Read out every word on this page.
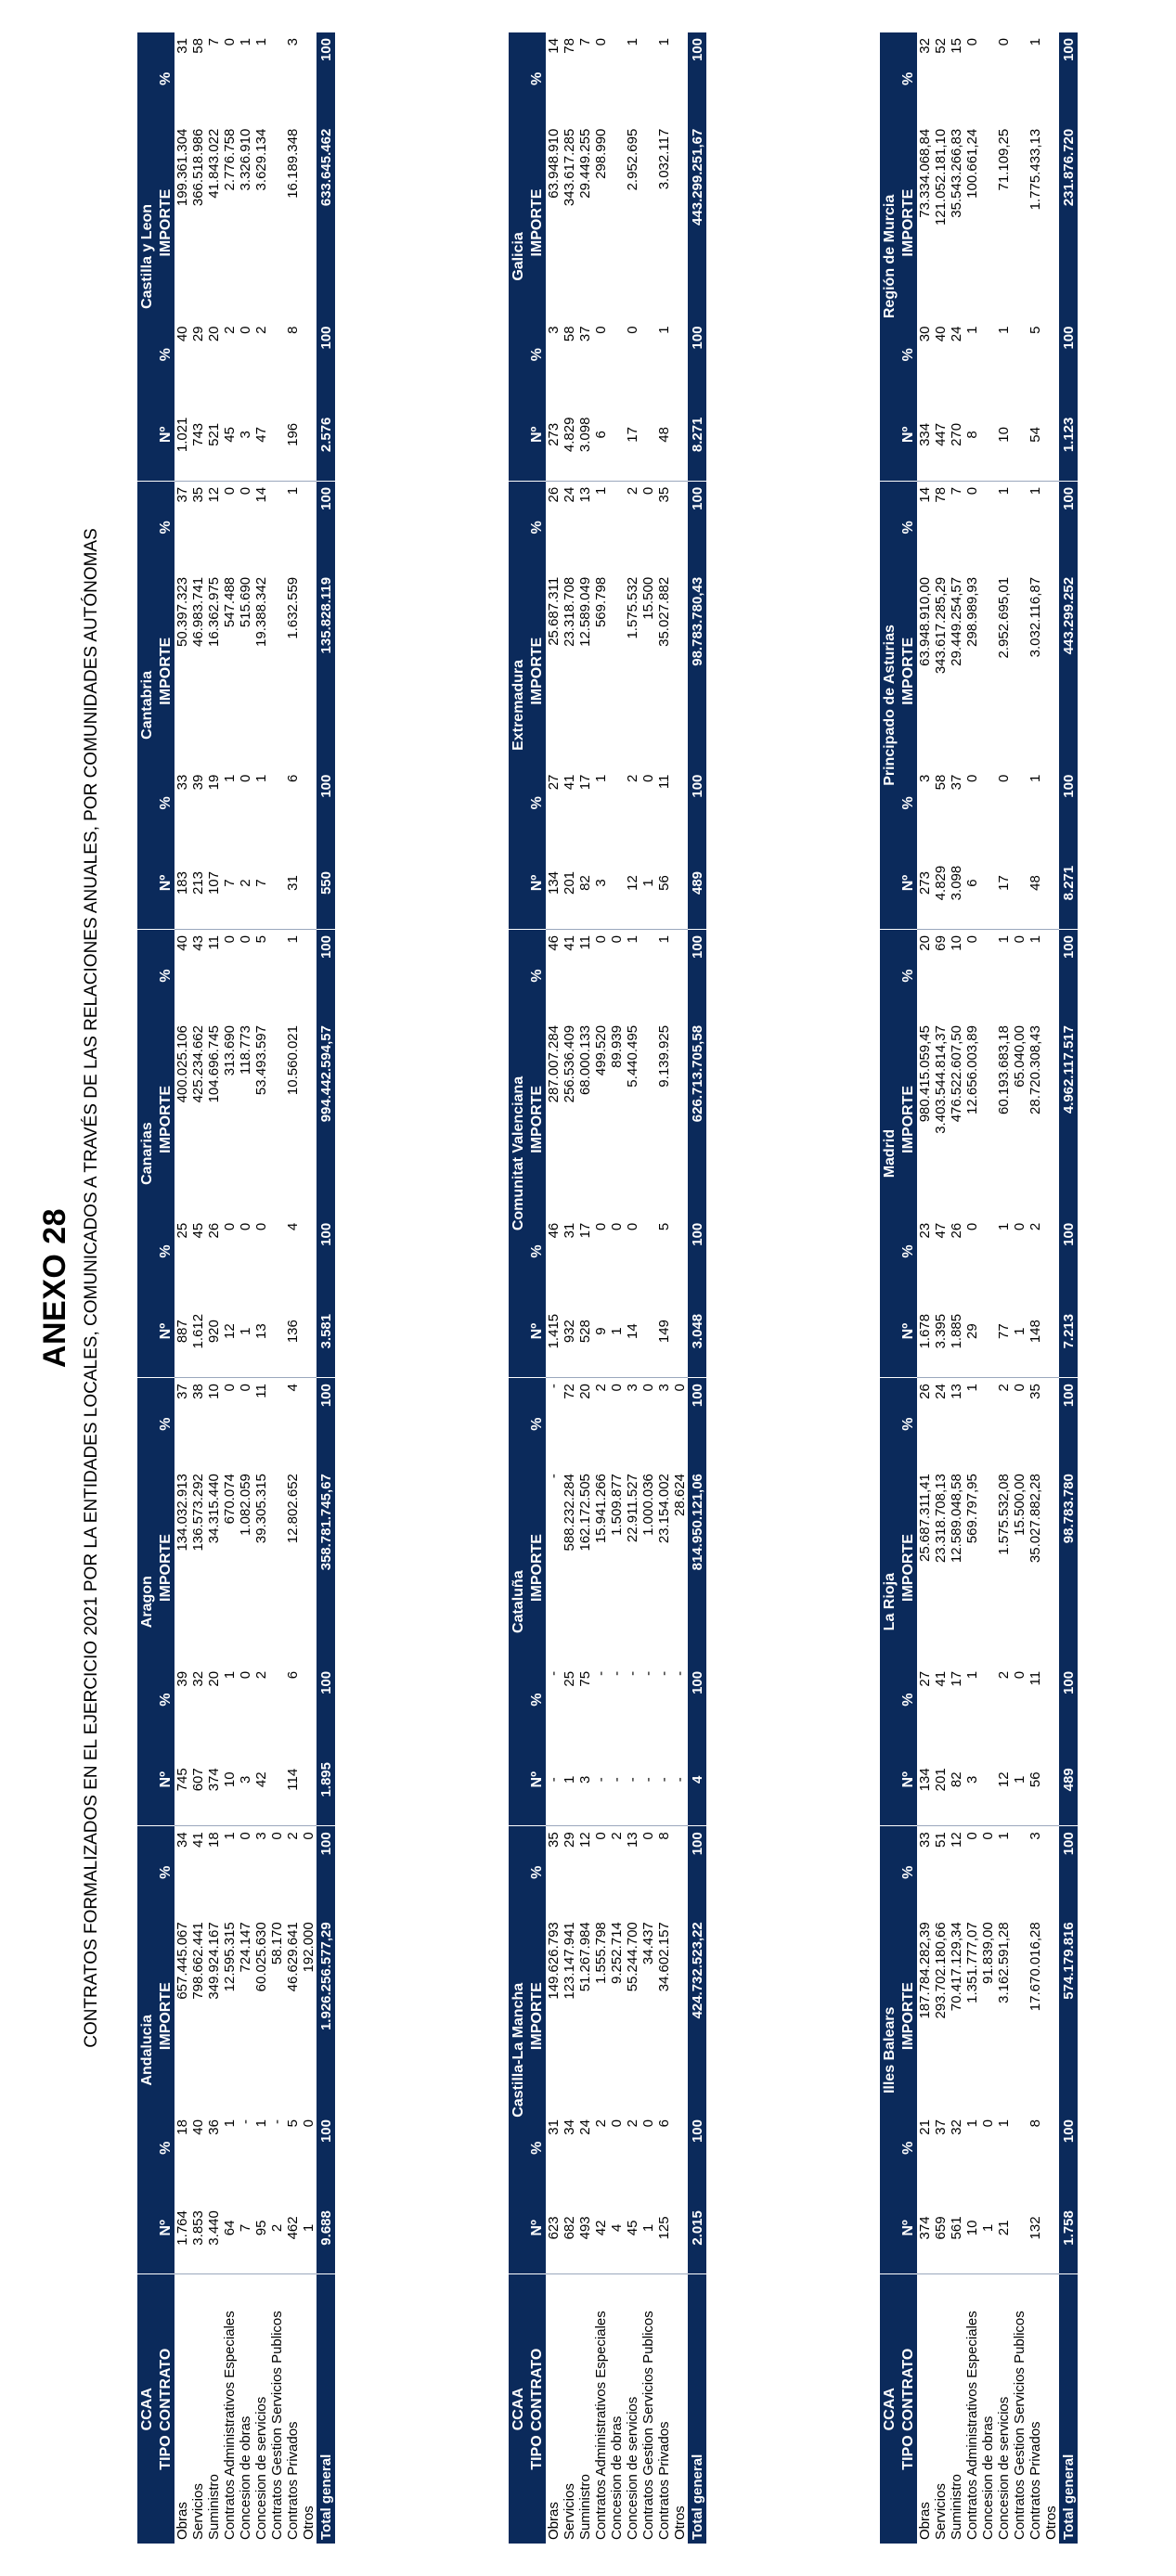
ANEXO 28 CONTRATOS FORMALIZADOS EN EL EJERCICIO 2021 POR LA ENTIDADES LOCALES, COMUNICADOS A TRAVÉS DE LAS RELACIONES ANUALES, POR COMUNIDADES AUTÓNOMAS
CCAA	Andalucia				Aragon				Canarias				Cantabria				Castilla y Leon			
TIPO CONTRATO	Nº	%	IMPORTE	%	Nº	%	IMPORTE	%	Nº	%	IMPORTE	%	Nº	%	IMPORTE	%	Nº	%	IMPORTE	%
Obras	1.764	18	657.445.067	34	745	39	134.032.913	37	887	25	400.025.106	40	183	33	50.397.323	37	1.021	40	199.361.304	31
Servicios	3.853	40	798.662.441	41	607	32	136.573.292	38	1.612	45	425.234.662	43	213	39	46.983.741	35	743	29	366.518.986	58
Suministro	3.440	36	349.924.167	18	374	20	34.315.440	10	920	26	104.696.745	11	107	19	16.362.975	12	521	20	41.843.022	7
Contratos Administrativos Especiales	64	1	12.595.315	1	10	1	670.074	0	12	0	313.690	0	7	1	547.488	0	45	2	2.776.758	0
Concesion de obras	7	-	724.147	0	3	0	1.082.059	0	1	0	118.773	0	2	0	515.690	0	3	0	3.326.910	1
Concesion de servicios	95	1	60.025.630	3	42	2	39.305.315	11	13	0	53.493.597	5	7	1	19.388.342	14	47	2	3.629.134	1
Contratos Gestion Servicios Publicos	2	-	58.170	0																
Contratos Privados	462	5	46.629.641	2	114	6	12.802.652	4	136	4	10.560.021	1	31	6	1.632.559	1	196	8	16.189.348	3
Otros	1	0	192.000	0																
Total general	9.688	100	1.926.256.577,29	100	1.895	100	358.781.745,67	100	3.581	100	994.442.594,57	100	550	100	135.828.119	100	2.576	100	633.645.462	100
CCAA	Castilla-La Mancha				Cataluña				Comunitat Valenciana				Extremadura				Galicia			
TIPO CONTRATO	Nº	%	IMPORTE	%	Nº	%	IMPORTE	%	Nº	%	IMPORTE	%	Nº	%	IMPORTE	%	Nº	%	IMPORTE	%
Obras	623	31	149.626.793	35	-	-	-	-	1.415	46	287.007.284	46	134	27	25.687.311	26	273	3	63.948.910	14
Servicios	682	34	123.147.941	29	1	25	588.232.284	72	932	31	256.536.409	41	201	41	23.318.708	24	4.829	58	343.617.285	78
Suministro	493	24	51.267.984	12	3	75	162.172.505	20	528	17	68.000.133	11	82	17	12.589.049	13	3.098	37	29.449.255	7
Contratos Administrativos Especiales	42	2	1.555.798	0	-	-	15.941.266	2	9	0	499.520	0	3	1	569.798	1	6	0	298.990	0
Concesion de obras	4	0	9.252.714	2	-	-	1.509.877	0	1	0	89.939	0								
Concesion de servicios	45	2	55.244.700	13	-	-	22.911.527	3	14	0	5.440.495	1	12	2	1.575.532	2	17	0	2.952.695	1
Contratos Gestion Servicios Publicos	1	0	34.437	0	-	-	1.000.036	0					1	0	15.500	0				
Contratos Privados	125	6	34.602.157	8	-	-	23.154.002	3	149	5	9.139.925	1	56	11	35.027.882	35	48	1	3.032.117	1
Otros					-	-	28.624	0												
Total general	2.015	100	424.732.523,22	100	4	100	814.950.121,06	100	3.048	100	626.713.705,58	100	489	100	98.783.780,43	100	8.271	100	443.299.251,67	100
CCAA	Illes Balears				La Rioja				Madrid				Principado de Asturias				Región de Murcia			
TIPO CONTRATO	Nº	%	IMPORTE	%	Nº	%	IMPORTE	%	Nº	%	IMPORTE	%	Nº	%	IMPORTE	%	Nº	%	IMPORTE	%
Obras	374	21	187.784.282,39	33	134	27	25.687.311,41	26	1.678	23	980.415.059,45	20	273	3	63.948.910,00	14	334	30	73.334.068,84	32
Servicios	659	37	293.702.180,66	51	201	41	23.318.708,13	24	3.395	47	3.403.544.814,37	69	4.829	58	343.617.285,29	78	447	40	121.052.181,10	52
Suministro	561	32	70.417.129,34	12	82	17	12.589.048,58	13	1.885	26	476.522.607,50	10	3.098	37	29.449.254,57	7	270	24	35.543.266,83	15
Contratos Administrativos Especiales	10	1	1.351.777,07	0	3	1	569.797,95	1	29	0	12.656.003,89	0	6	0	298.989,93	0	8	1	100.661,24	0
Concesion de obras	1	0	91.839,00	0																
Concesion de servicios	21	1	3.162.591,28	1	12	2	1.575.532,08	2	77	1	60.193.683,18	1	17	0	2.952.695,01	1	10	1	71.109,25	0
Contratos Gestion Servicios Publicos					1	0	15.500,00	0	1	0	65.040,00	0								
Contratos Privados	132	8	17.670.016,28	3	56	11	35.027.882,28	35	148	2	28.720.308,43	1	48	1	3.032.116,87	1	54	5	1.775.433,13	1
Otros																				
Total general	1.758	100	574.179.816	100	489	100	98.783.780	100	7.213	100	4.962.117.517	100	8.271	100	443.299.252	100	1.123	100	231.876.720	100
